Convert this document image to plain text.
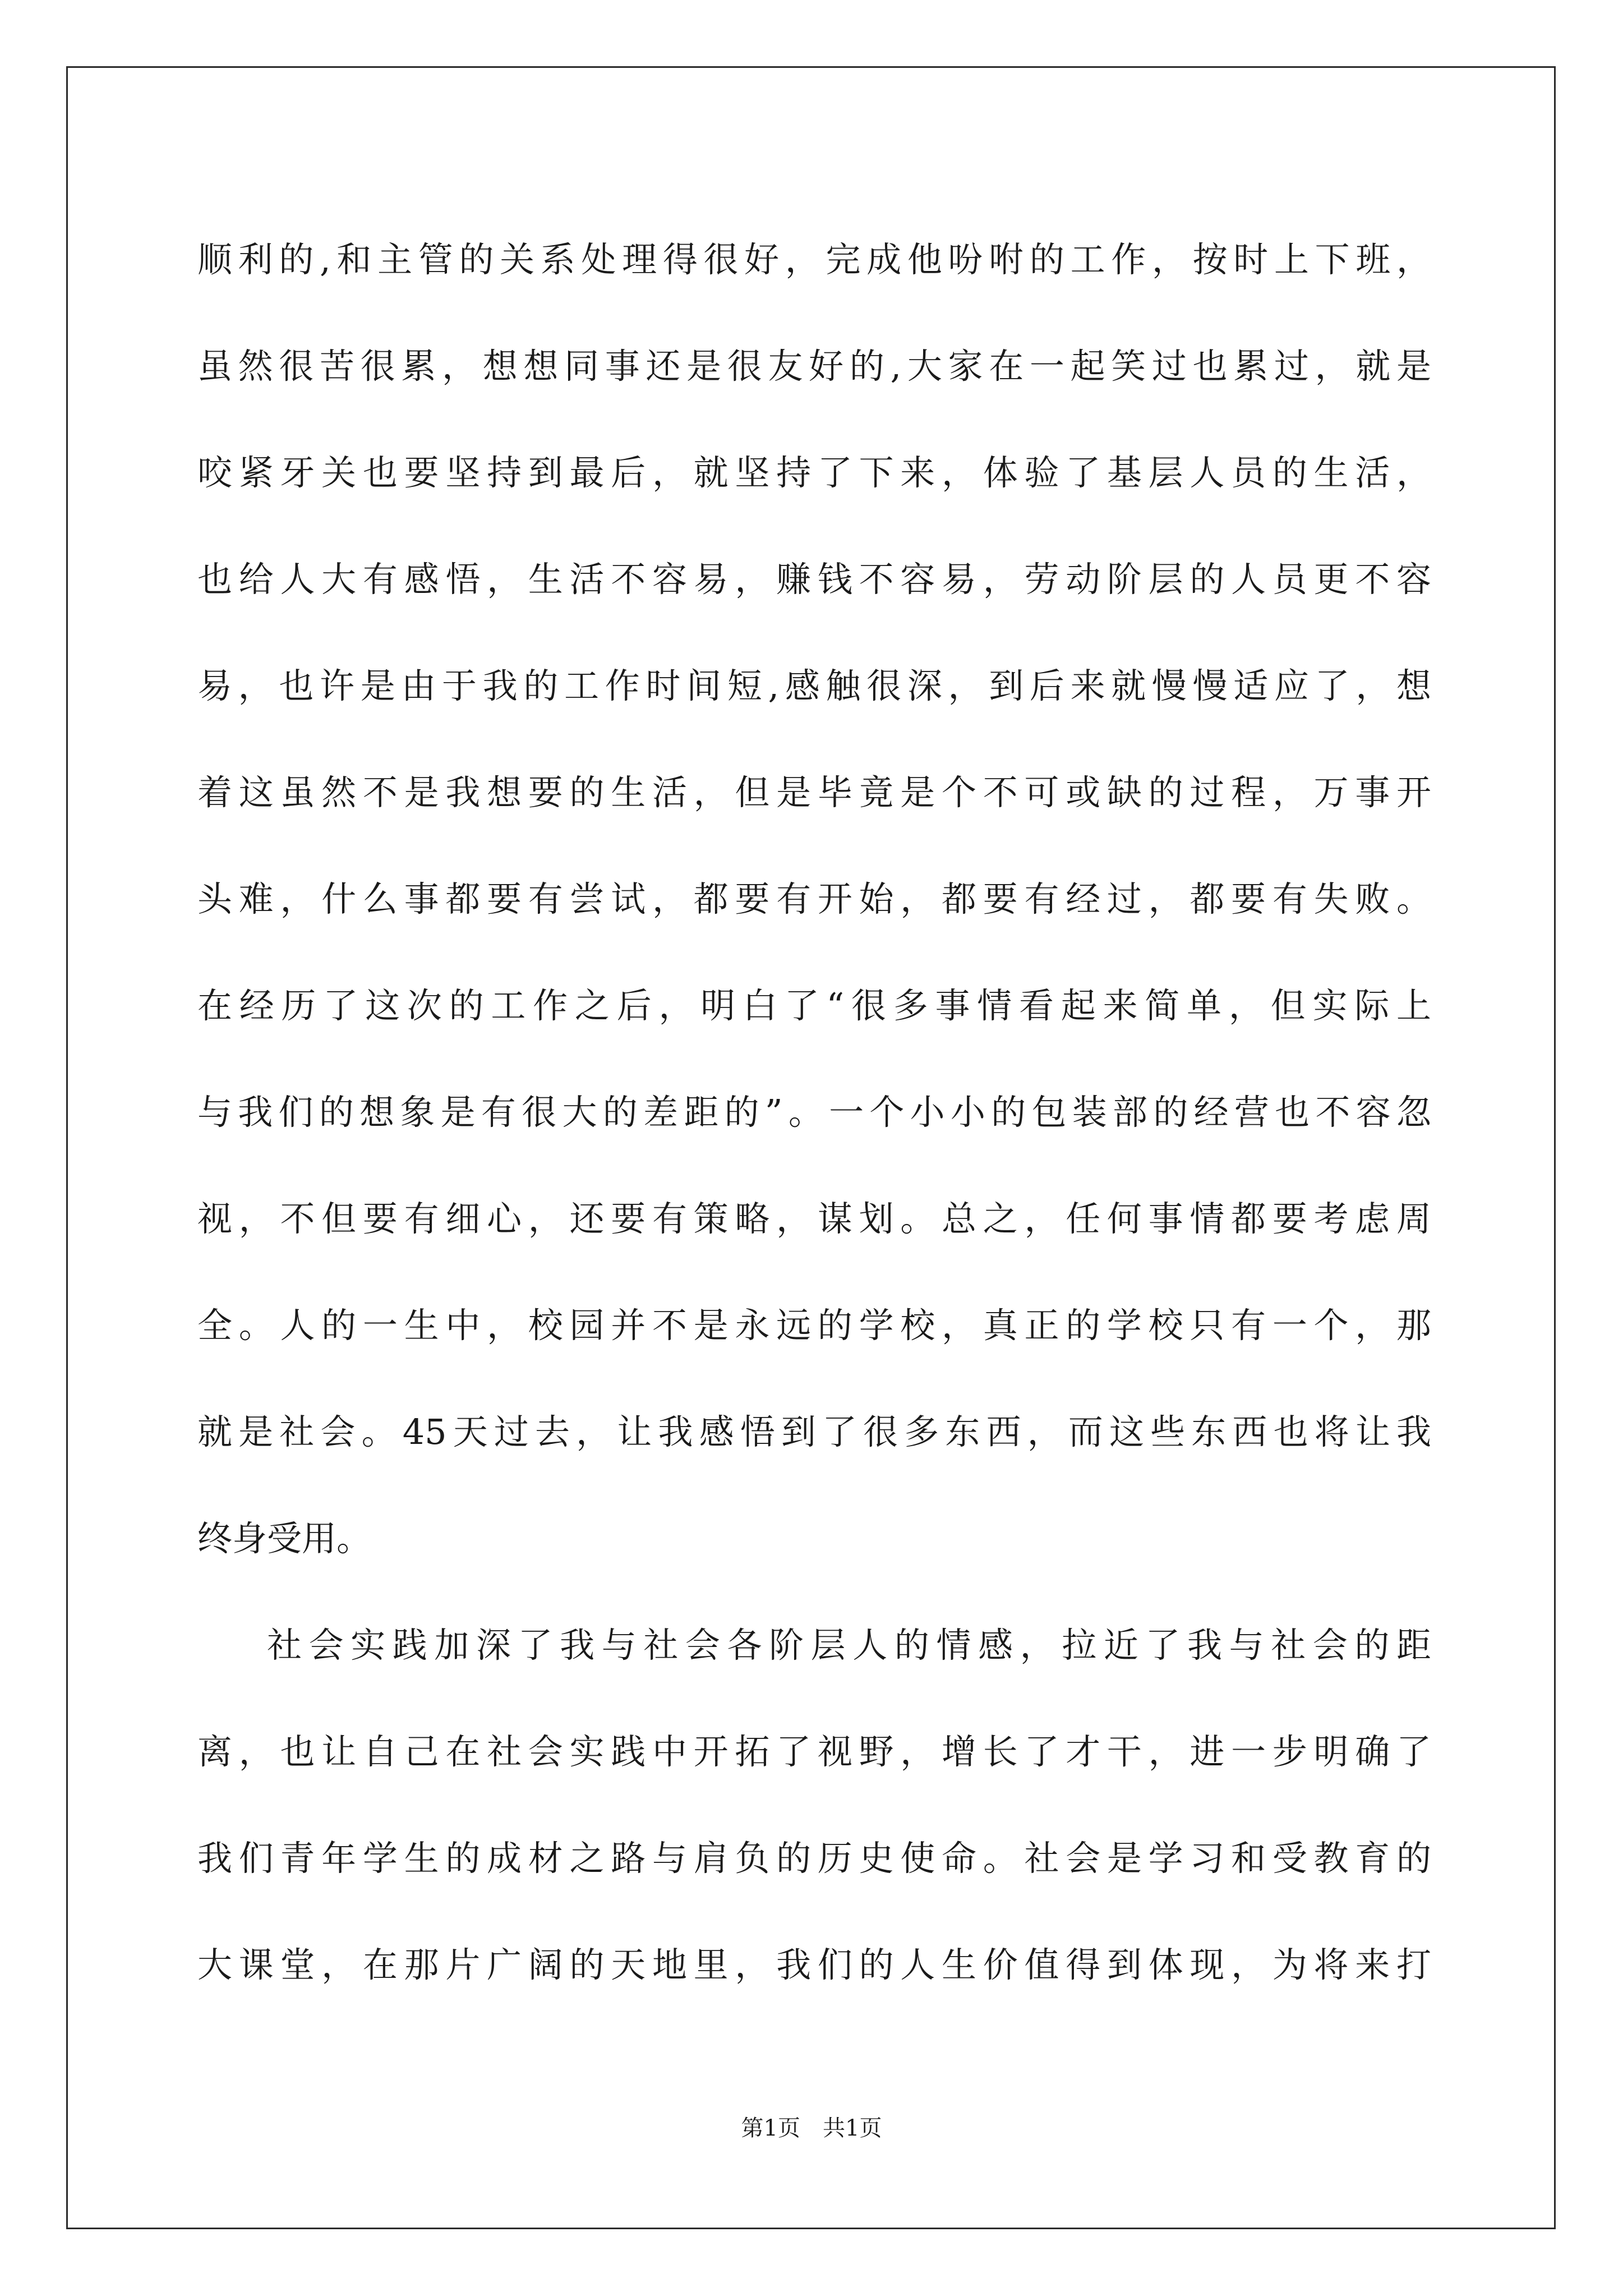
顺利的,和主管的关系处理得很好，完成他吩咐的工作，按时上下班，
虽然很苦很累，想想同事还是很友好的,大家在一起笑过也累过，就是
咬紧牙关也要坚持到最后，就坚持了下来，体验了基层人员的生活，
也给人大有感悟，生活不容易，赚钱不容易，劳动阶层的人员更不容
易，也许是由于我的工作时间短,感触很深，到后来就慢慢适应了，想
着这虽然不是我想要的生活，但是毕竟是个不可或缺的过程，万事开
头难，什么事都要有尝试，都要有开始，都要有经过，都要有失败。
在经历了这次的工作之后，明白了“很多事情看起来简单，但实际上
与我们的想象是有很大的差距的”。一个小小的包装部的经营也不容忽
视，不但要有细心，还要有策略，谋划。总之，任何事情都要考虑周
全。人的一生中，校园并不是永远的学校，真正的学校只有一个，那
就是社会。45天过去，让我感悟到了很多东西，而这些东西也将让我
终身受用。
社会实践加深了我与社会各阶层人的情感，拉近了我与社会的距
离，也让自己在社会实践中开拓了视野，增长了才干，进一步明确了
我们青年学生的成材之路与肩负的历史使命。社会是学习和受教育的
大课堂，在那片广阔的天地里，我们的人生价值得到体现，为将来打
第1页　共1页
